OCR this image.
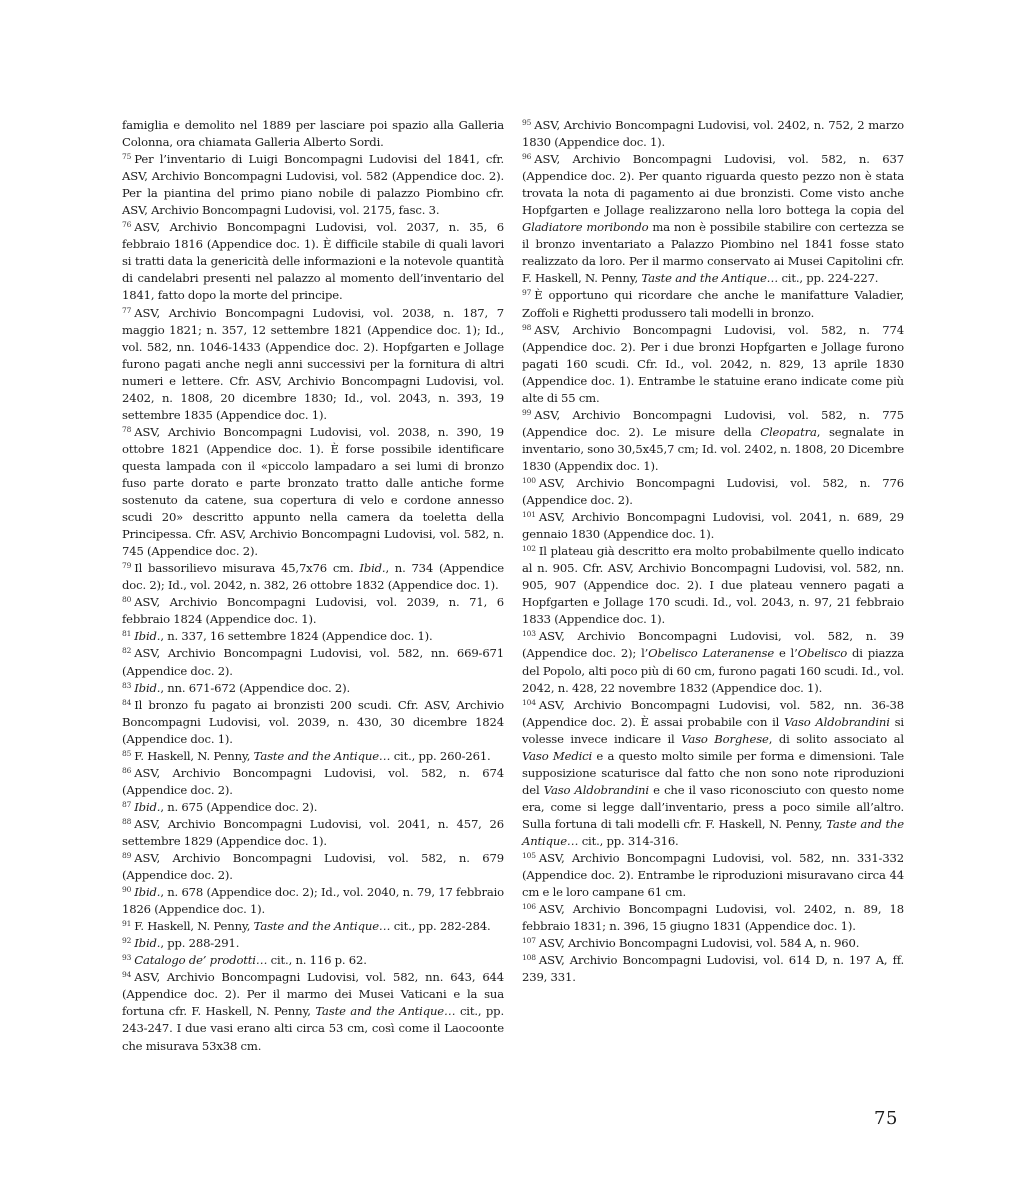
famiglia e demolito nel 1889 per lasciare poi spazio alla Galleria Colonna, ora chiamata Galleria Alberto Sordi.

$^{75}$ Per l’inventario di Luigi Boncompagni Ludovisi del 1841, cfr. ASV, Archivio Boncompagni Ludovisi, vol. 582 (Appendice doc. 2). Per la piantina del primo piano nobile di palazzo Piombino cfr. ASV, Archivio Boncompagni Ludovisi, vol. 2175, fasc. 3.

$^{76}$ ASV, Archivio Boncompagni Ludovisi, vol. 2037, n. 35, 6 febbraio 1816 (Appendice doc. 1). È difficile stabile di quali lavori si tratti data la genericità delle informazioni e la notevole quantità di candelabri presenti nel palazzo al momento dell’inventario del 1841, fatto dopo la morte del principe.

$^{77}$ ASV, Archivio Boncompagni Ludovisi, vol. 2038, n. 187, 7 maggio 1821; n. 357, 12 settembre 1821 (Appendice doc. 1); Id., vol. 582, nn. 1046-1433 (Appendice doc. 2). Hopfgarten e Jollage furono pagati anche negli anni successivi per la fornitura di altri numeri e lettere. Cfr. ASV, Archivio Boncompagni Ludovisi, vol. 2402, n. 1808, 20 dicembre 1830; Id., vol. 2043, n. 393, 19 settembre 1835 (Appendice doc. 1).

$^{78}$ ASV, Archivio Boncompagni Ludovisi, vol. 2038, n. 390, 19 ottobre 1821 (Appendice doc. 1). È forse possibile identificare questa lampada con il «piccolo lampadaro a sei lumi di bronzo fuso parte dorato e parte bronzato tratto dalle antiche forme sostenuto da catene, sua copertura di velo e cordone annesso scudi 20» descritto appunto nella camera da toeletta della Principessa. Cfr. ASV, Archivio Boncompagni Ludovisi, vol. 582, n. 745 (Appendice doc. 2).

$^{79}$ Il bassorilievo misurava 45,7x76 cm. Ibid., n. 734 (Appendice doc. 2); Id., vol. 2042, n. 382, 26 ottobre 1832 (Appendice doc. 1).

$^{80}$ ASV, Archivio Boncompagni Ludovisi, vol. 2039, n. 71, 6 febbraio 1824 (Appendice doc. 1).

$^{81}$ Ibid., n. 337, 16 settembre 1824 (Appendice doc. 1).

$^{82}$ ASV, Archivio Boncompagni Ludovisi, vol. 582, nn. 669-671 (Appendice doc. 2).

$^{83}$ Ibid., nn. 671-672 (Appendice doc. 2).

$^{84}$ Il bronzo fu pagato ai bronzisti 200 scudi. Cfr. ASV, Archivio Boncompagni Ludovisi, vol. 2039, n. 430, 30 dicembre 1824 (Appendice doc. 1).

$^{85}$ F. Haskell, N. Penny, Taste and the Antique… cit., pp. 260-261.

$^{86}$ ASV, Archivio Boncompagni Ludovisi, vol. 582, n. 674 (Appendice doc. 2).

$^{87}$ Ibid., n. 675 (Appendice doc. 2).

$^{88}$ ASV, Archivio Boncompagni Ludovisi, vol. 2041, n. 457, 26 settembre 1829 (Appendice doc. 1).

$^{89}$ ASV, Archivio Boncompagni Ludovisi, vol. 582, n. 679 (Appendice doc. 2).

$^{90}$ Ibid., n. 678 (Appendice doc. 2); Id., vol. 2040, n. 79, 17 febbraio 1826 (Appendice doc. 1).

$^{91}$ F. Haskell, N. Penny, Taste and the Antique… cit., pp. 282-284.

$^{92}$ Ibid., pp. 288-291.

$^{93}$ Catalogo de’ prodotti… cit., n. 116 p. 62.

$^{94}$ ASV, Archivio Boncompagni Ludovisi, vol. 582, nn. 643, 644 (Appendice doc. 2). Per il marmo dei Musei Vaticani e la sua fortuna cfr. F. Haskell, N. Penny, Taste and the Antique… cit., pp. 243-247. I due vasi erano alti circa 53 cm, così come il Laocoonte che misurava 53x38 cm.

$^{95}$ ASV, Archivio Boncompagni Ludovisi, vol. 2402, n. 752, 2 marzo 1830 (Appendice doc. 1).

$^{96}$ ASV, Archivio Boncompagni Ludovisi, vol. 582, n. 637 (Appendice doc. 2). Per quanto riguarda questo pezzo non è stata trovata la nota di pagamento ai due bronzisti. Come visto anche Hopfgarten e Jollage realizzarono nella loro bottega la copia del Gladiatore moribondo ma non è possibile stabilire con certezza se il bronzo inventariato a Palazzo Piombino nel 1841 fosse stato realizzato da loro. Per il marmo conservato ai Musei Capitolini cfr. F. Haskell, N. Penny, Taste and the Antique… cit., pp. 224-227.

$^{97}$ È opportuno qui ricordare che anche le manifatture Valadier, Zoffoli e Righetti produssero tali modelli in bronzo.

$^{98}$ ASV, Archivio Boncompagni Ludovisi, vol. 582, n. 774 (Appendice doc. 2). Per i due bronzi Hopfgarten e Jollage furono pagati 160 scudi. Cfr. Id., vol. 2042, n. 829, 13 aprile 1830 (Appendice doc. 1). Entrambe le statuine erano indicate come più alte di 55 cm.

$^{99}$ ASV, Archivio Boncompagni Ludovisi, vol. 582, n. 775 (Appendice doc. 2). Le misure della Cleopatra, segnalate in inventario, sono 30,5x45,7 cm; Id. vol. 2402, n. 1808, 20 Dicembre 1830 (Appendix doc. 1).

$^{100}$ ASV, Archivio Boncompagni Ludovisi, vol. 582, n. 776 (Appendice doc. 2).

$^{101}$ ASV, Archivio Boncompagni Ludovisi, vol. 2041, n. 689, 29 gennaio 1830 (Appendice doc. 1).

$^{102}$ Il plateau già descritto era molto probabilmente quello indicato al n. 905. Cfr. ASV, Archivio Boncompagni Ludovisi, vol. 582, nn. 905, 907 (Appendice doc. 2). I due plateau vennero pagati a Hopfgarten e Jollage 170 scudi. Id., vol. 2043, n. 97, 21 febbraio 1833 (Appendice doc. 1).

$^{103}$ ASV, Archivio Boncompagni Ludovisi, vol. 582, n. 39 (Appendice doc. 2); l’Obelisco Lateranense e l’Obelisco di piazza del Popolo, alti poco più di 60 cm, furono pagati 160 scudi. Id., vol. 2042, n. 428, 22 novembre 1832 (Appendice doc. 1).

$^{104}$ ASV, Archivio Boncompagni Ludovisi, vol. 582, nn. 36-38 (Appendice doc. 2). È assai probabile con il Vaso Aldobrandini si volesse invece indicare il Vaso Borghese, di solito associato al Vaso Medici e a questo molto simile per forma e dimensioni. Tale supposizione scaturisce dal fatto che non sono note riproduzioni del Vaso Aldobrandini e che il vaso riconosciuto con questo nome era, come si legge dall’inventario, press a poco simile all’altro. Sulla fortuna di tali modelli cfr. F. Haskell, N. Penny, Taste and the Antique… cit., pp. 314-316.

$^{105}$ ASV, Archivio Boncompagni Ludovisi, vol. 582, nn. 331-332 (Appendice doc. 2). Entrambe le riproduzioni misuravano circa 44 cm e le loro campane 61 cm.

$^{106}$ ASV, Archivio Boncompagni Ludovisi, vol. 2402, n. 89, 18 febbraio 1831; n. 396, 15 giugno 1831 (Appendice doc. 1).

$^{107}$ ASV, Archivio Boncompagni Ludovisi, vol. 584 A, n. 960.

$^{108}$ ASV, Archivio Boncompagni Ludovisi, vol. 614 D, n. 197 A, ff. 239, 331.

75
